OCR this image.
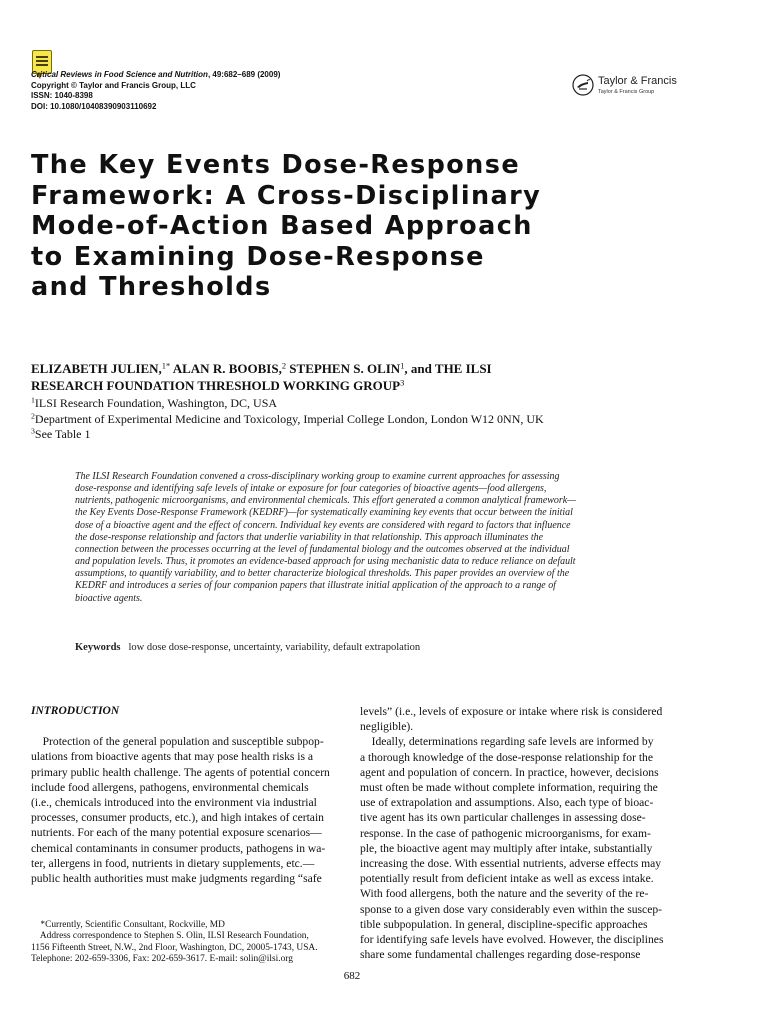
Critical Reviews in Food Science and Nutrition, 49:682–689 (2009)
Copyright © Taylor and Francis Group, LLC
ISSN: 1040-8398
DOI: 10.1080/10408390903110692
Taylor & Francis
Taylor & Francis Group
The Key Events Dose-Response
Framework: A Cross-Disciplinary
Mode-of-Action Based Approach
to Examining Dose-Response
and Thresholds
ELIZABETH JULIEN,$^{1*}$ ALAN R. BOOBIS,$^2$ STEPHEN S. OLIN$^1$, and THE ILSI
RESEARCH FOUNDATION THRESHOLD WORKING GROUP$^3$
$^1$ILSI Research Foundation, Washington, DC, USA
$^2$Department of Experimental Medicine and Toxicology, Imperial College London, London W12 0NN, UK
$^3$See Table 1
The ILSI Research Foundation convened a cross-disciplinary working group to examine current approaches for assessing
dose-response and identifying safe levels of intake or exposure for four categories of bioactive agents—food allergens,
nutrients, pathogenic microorganisms, and environmental chemicals. This effort generated a common analytical framework—
the Key Events Dose-Response Framework (KEDRF)—for systematically examining key events that occur between the initial
dose of a bioactive agent and the effect of concern. Individual key events are considered with regard to factors that influence
the dose-response relationship and factors that underlie variability in that relationship. This approach illuminates the
connection between the processes occurring at the level of fundamental biology and the outcomes observed at the individual
and population levels. Thus, it promotes an evidence-based approach for using mechanistic data to reduce reliance on default
assumptions, to quantify variability, and to better characterize biological thresholds. This paper provides an overview of the
KEDRF and introduces a series of four companion papers that illustrate initial application of the approach to a range of
bioactive agents.
Keywords low dose dose-response, uncertainty, variability, default extrapolation
INTRODUCTION
Protection of the general population and susceptible subpop-
ulations from bioactive agents that may pose health risks is a
primary public health challenge. The agents of potential concern
include food allergens, pathogens, environmental chemicals
(i.e., chemicals introduced into the environment via industrial
processes, consumer products, etc.), and high intakes of certain
nutrients. For each of the many potential exposure scenarios—
chemical contaminants in consumer products, pathogens in wa-
ter, allergens in food, nutrients in dietary supplements, etc.—
public health authorities must make judgments regarding “safe
levels” (i.e., levels of exposure or intake where risk is considered
negligible).
Ideally, determinations regarding safe levels are informed by
a thorough knowledge of the dose-response relationship for the
agent and population of concern. In practice, however, decisions
must often be made without complete information, requiring the
use of extrapolation and assumptions. Also, each type of bioac-
tive agent has its own particular challenges in assessing dose-
response. In the case of pathogenic microorganisms, for exam-
ple, the bioactive agent may multiply after intake, substantially
increasing the dose. With essential nutrients, adverse effects may
potentially result from deficient intake as well as excess intake.
With food allergens, both the nature and the severity of the re-
sponse to a given dose vary considerably even within the suscep-
tible subpopulation. In general, discipline-specific approaches
for identifying safe levels have evolved. However, the disciplines
share some fundamental challenges regarding dose-response
*Currently, Scientific Consultant, Rockville, MD
Address correspondence to Stephen S. Olin, ILSI Research Foundation,
1156 Fifteenth Street, N.W., 2nd Floor, Washington, DC, 20005-1743, USA.
Telephone: 202-659-3306, Fax: 202-659-3617. E-mail: solin@ilsi.org
682
